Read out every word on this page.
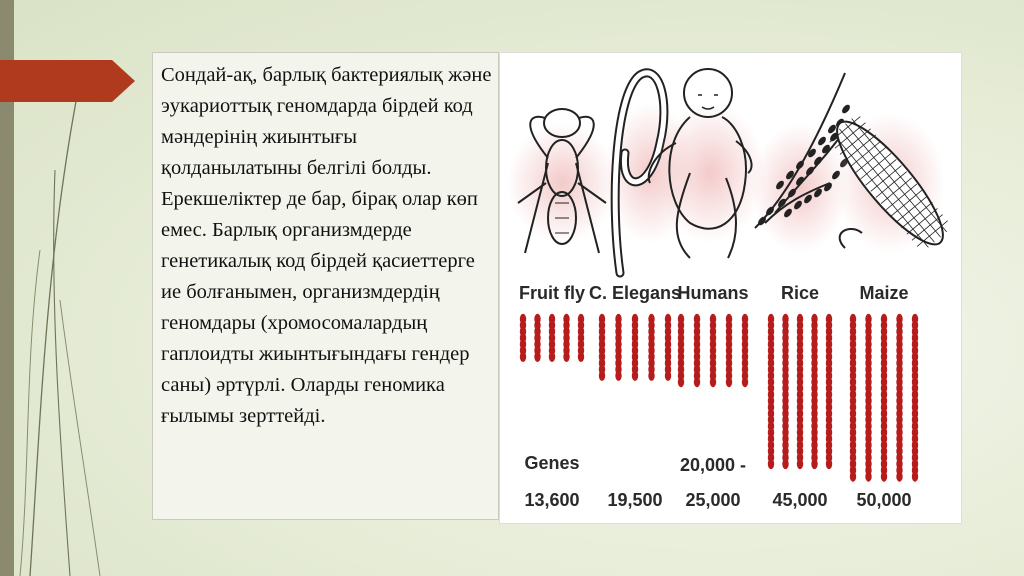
Сондай-ақ, барлық бактериялық және эукариоттық геномдарда бірдей код мәндерінің жиынтығы қолданылатыны белгілі болды. Ерекшеліктер де бар, бірақ олар көп емес. Барлық организмдерде генетикалық код бірдей қасиеттерге ие болғанымен, организмдердің геномдары (хромосомалардың гаплоидты жиынтығындағы гендер саны) әртүрлі. Оларды геномика ғылымы зерттейді.

Fruit fly C. Elegans
Humans Rice Maize
13,600 19,500
20,000 -
25,000 45,000 50,000
Genes
